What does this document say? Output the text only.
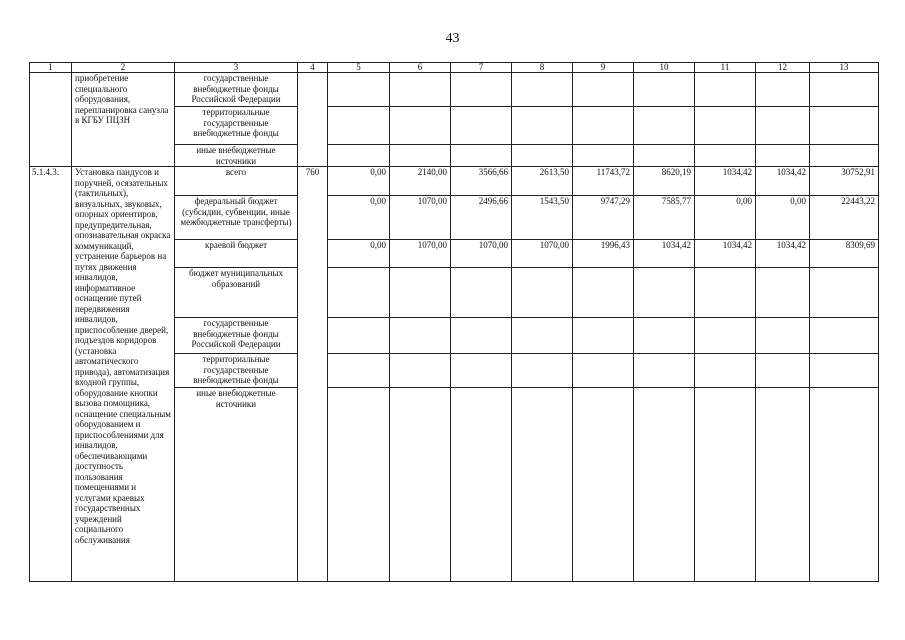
43
1	2	3	4	5	6	7	8	9	10	11	12	13
	приобретение специального оборудования, перепланировка санузла в КГБУ ПЦЗН	государственные внебюджетные фонды Российской Федерации										
		территориальные государственные внебюджетные фонды										
		иные внебюджетные источники										
5.1.4.3.	Установка пандусов и поручней, осязательных (тактильных), визуальных, звуковых, опорных ориентиров, предупредительная, опознавательная окраска коммуникаций, устранение барьеров на путях движения инвалидов, информативное оснащение путей передвижения инвалидов, приспособление дверей, подъездов коридоров (установка автоматического привода), автоматизация входной группы, оборудование кнопки вызова помощника, оснащение специальным оборудованием и приспособлениями для инвалидов, обеспечивающими доступность пользования помещениями и услугами краевых государственных учреждений социального обслуживания	всего	760	0,00	2140,00	3566,66	2613,50	11743,72	8620,19	1034,42	1034,42	30752,91
		федеральный бюджет (субсидии, субвенции, иные межбюджетные трансферты)		0,00	1070,00	2496,66	1543,50	9747,29	7585,77	0,00	0,00	22443,22
		краевой бюджет		0,00	1070,00	1070,00	1070,00	1996,43	1034,42	1034,42	1034,42	8309,69
		бюджет муниципальных образований										
		государственные внебюджетные фонды Российской Федерации										
		территориальные государственные внебюджетные фонды										
		иные внебюджетные источники										
